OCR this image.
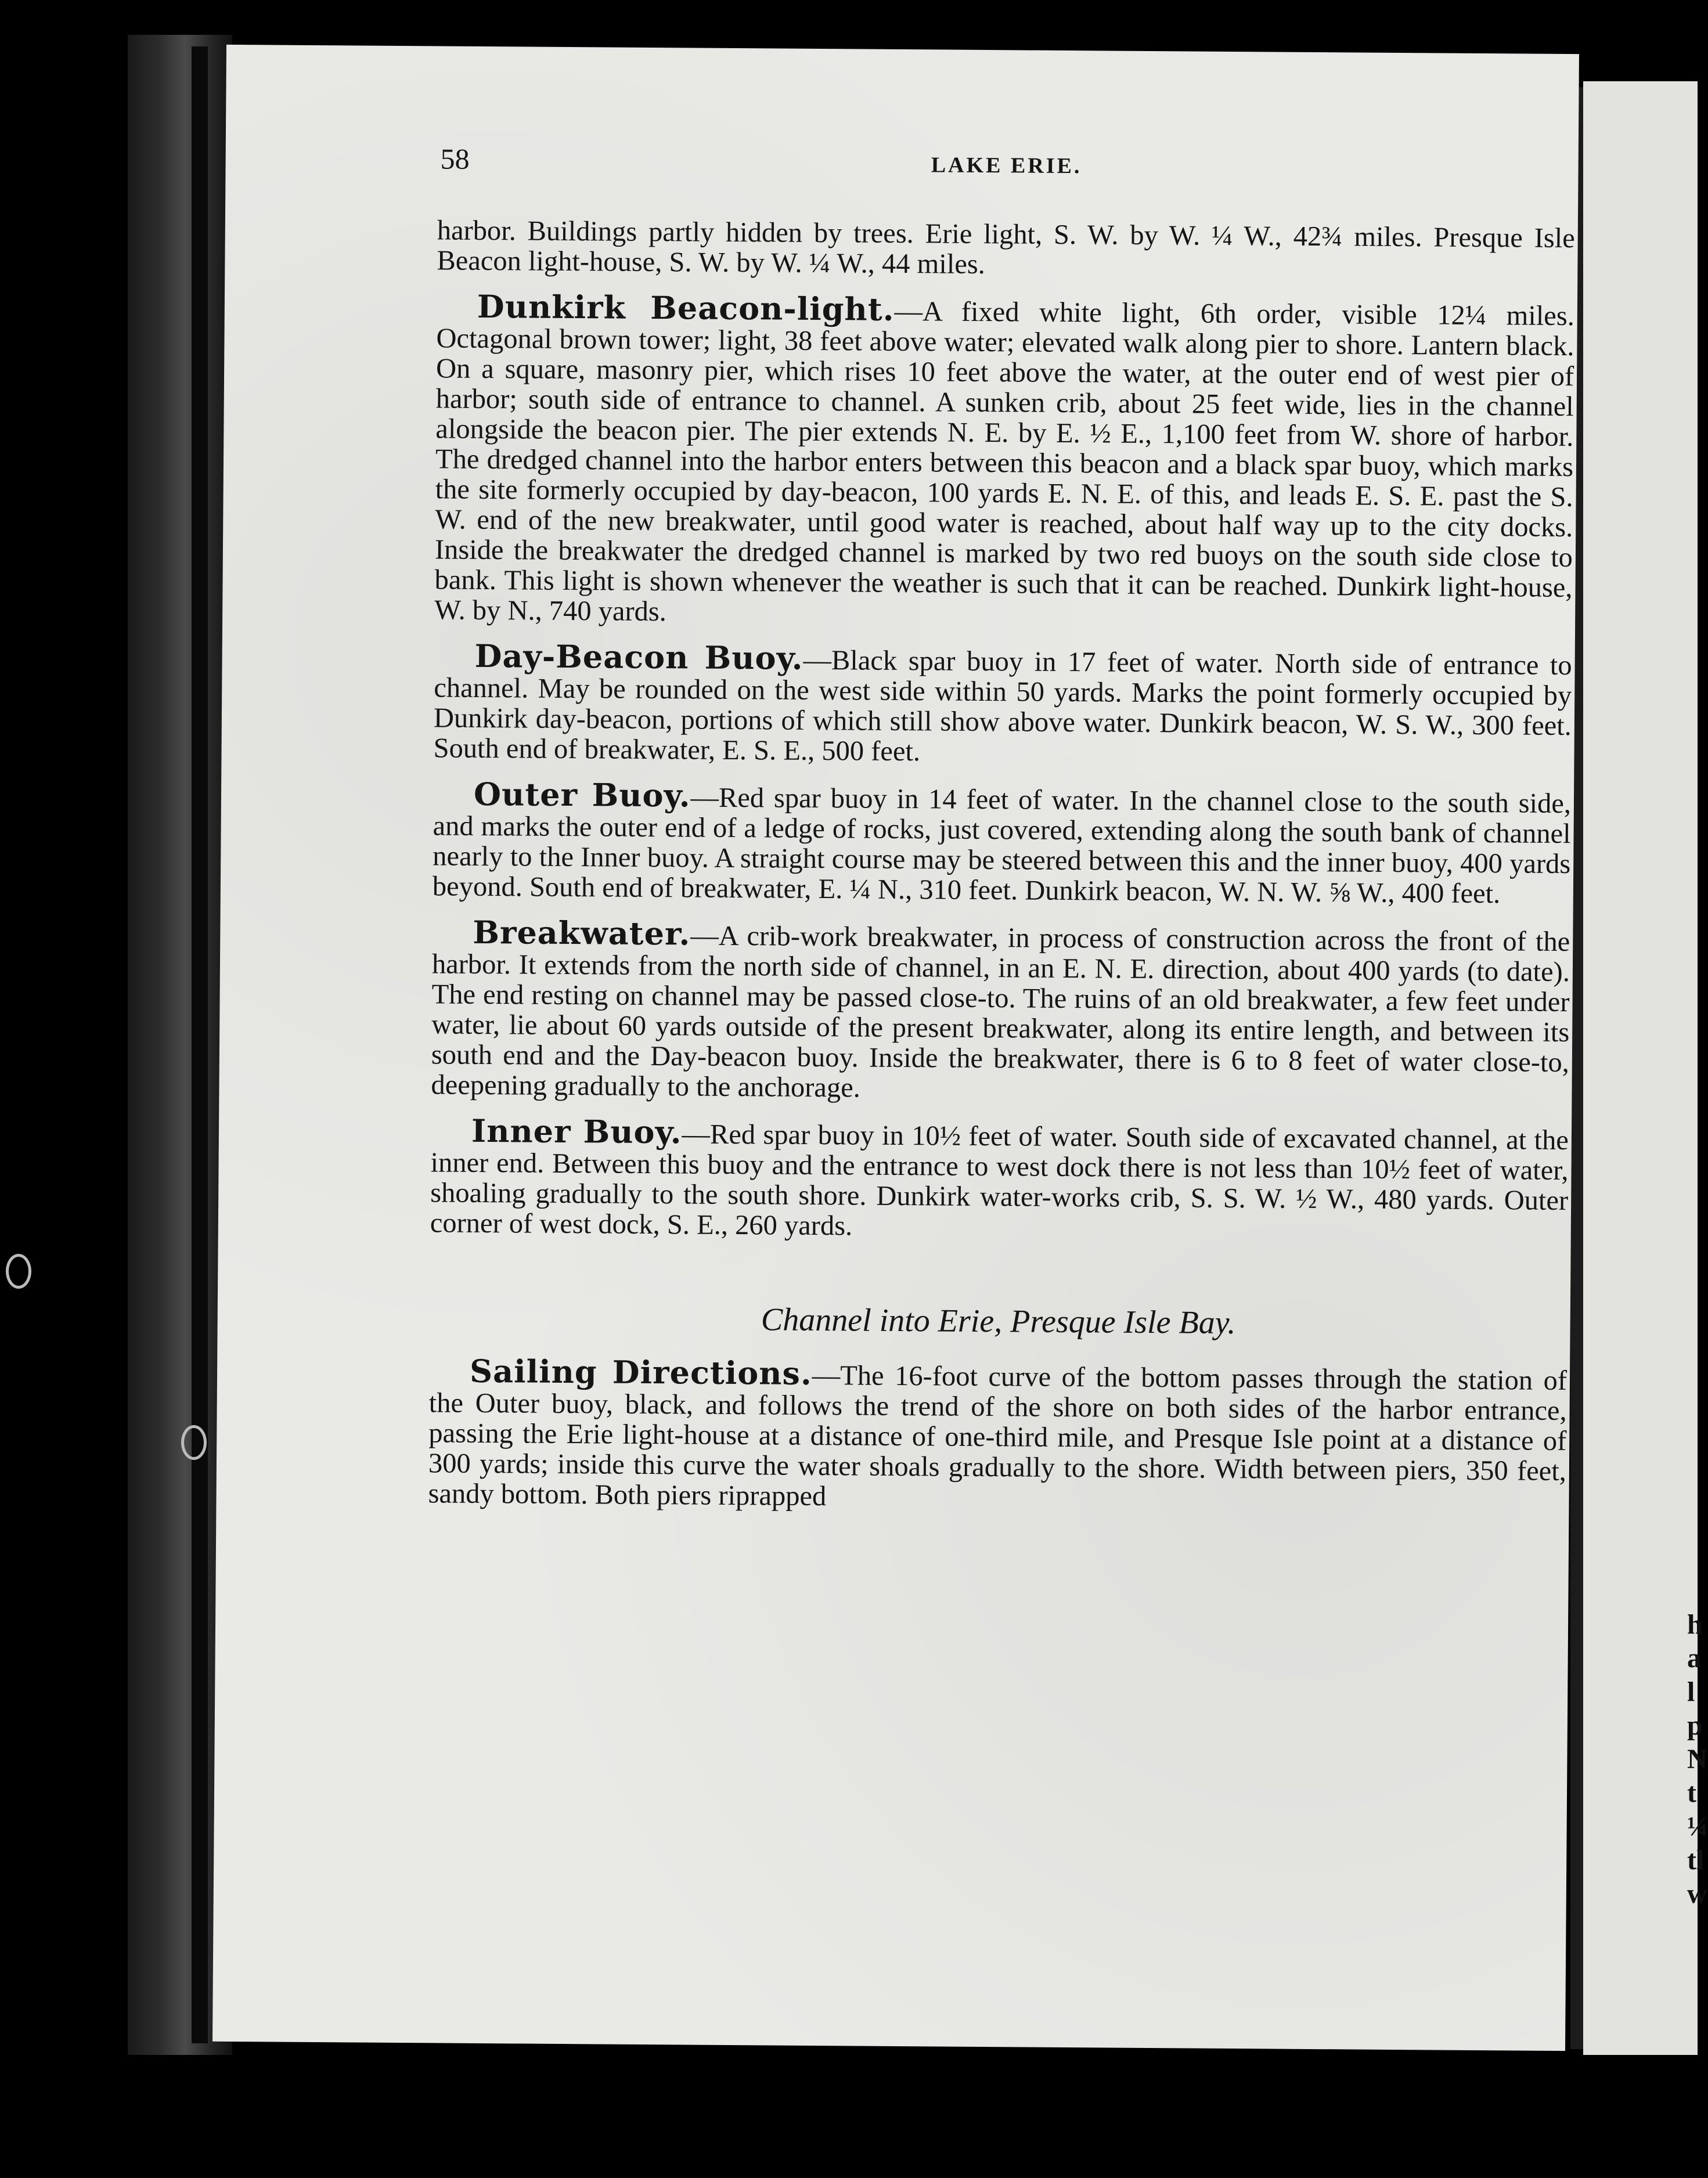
h
a
l
p
N
t
¼
tl
w
58	LAKE ERIE.

harbor. Buildings partly hidden by trees. Erie light, S. W. by W. ¼ W., 42¾ miles. Presque Isle Beacon light-house, S. W. by W. ¼ W., 44 miles.

Dunkirk Beacon-light.—A fixed white light, 6th order, visible 12¼ miles. Octagonal brown tower; light, 38 feet above water; elevated walk along pier to shore. Lantern black. On a square, masonry pier, which rises 10 feet above the water, at the outer end of west pier of harbor; south side of entrance to channel. A sunken crib, about 25 feet wide, lies in the channel alongside the beacon pier. The pier extends N. E. by E. ½ E., 1,100 feet from W. shore of harbor. The dredged channel into the harbor enters between this beacon and a black spar buoy, which marks the site formerly occupied by day-beacon, 100 yards E. N. E. of this, and leads E. S. E. past the S. W. end of the new breakwater, until good water is reached, about half way up to the city docks. Inside the breakwater the dredged channel is marked by two red buoys on the south side close to bank. This light is shown whenever the weather is such that it can be reached. Dunkirk light-house, W. by N., 740 yards.

Day-Beacon Buoy.—Black spar buoy in 17 feet of water. North side of entrance to channel. May be rounded on the west side within 50 yards. Marks the point formerly occupied by Dunkirk day-beacon, portions of which still show above water. Dunkirk beacon, W. S. W., 300 feet. South end of breakwater, E. S. E., 500 feet.

Outer Buoy.—Red spar buoy in 14 feet of water. In the channel close to the south side, and marks the outer end of a ledge of rocks, just covered, extending along the south bank of channel nearly to the Inner buoy. A straight course may be steered between this and the inner buoy, 400 yards beyond. South end of breakwater, E. ¼ N., 310 feet. Dunkirk beacon, W. N. W. ⅝ W., 400 feet.

Breakwater.—A crib-work breakwater, in process of construction across the front of the harbor. It extends from the north side of channel, in an E. N. E. direction, about 400 yards (to date). The end resting on channel may be passed close-to. The ruins of an old breakwater, a few feet under water, lie about 60 yards outside of the present breakwater, along its entire length, and between its south end and the Day-beacon buoy. Inside the breakwater, there is 6 to 8 feet of water close-to, deepening gradually to the anchorage.

Inner Buoy.—Red spar buoy in 10½ feet of water. South side of excavated channel, at the inner end. Between this buoy and the entrance to west dock there is not less than 10½ feet of water, shoaling gradually to the south shore. Dunkirk water-works crib, S. S. W. ½ W., 480 yards. Outer corner of west dock, S. E., 260 yards.

Channel into Erie, Presque Isle Bay.

Sailing Directions.—The 16-foot curve of the bottom passes through the station of the Outer buoy, black, and follows the trend of the shore on both sides of the harbor entrance, passing the Erie light-house at a distance of one-third mile, and Presque Isle point at a distance of 300 yards; inside this curve the water shoals gradually to the shore. Width between piers, 350 feet, sandy bottom. Both piers riprapped
